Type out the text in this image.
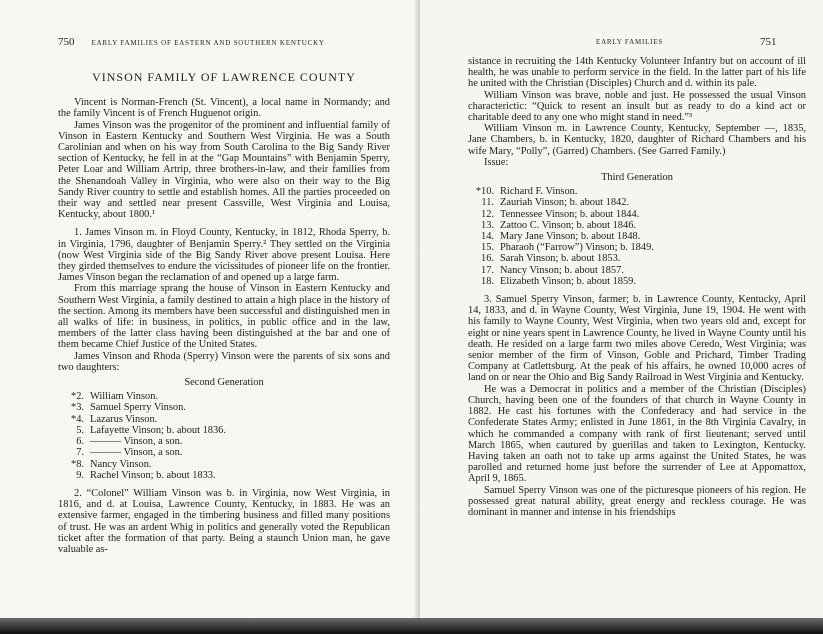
750 EARLY FAMILIES OF EASTERN AND SOUTHERN KENTUCKY
VINSON FAMILY OF LAWRENCE COUNTY

Vincent is Norman-French (St. Vincent), a local name in Normandy; and the family Vincent is of French Huguenot origin.

James Vinson was the progenitor of the prominent and influential family of Vinson in Eastern Kentucky and Southern West Virginia. He was a South Carolinian and when on his way from South Carolina to the Big Sandy River section of Kentucky, he fell in at the “Gap Mountains” with Benjamin Sperry, Peter Loar and William Artrip, three brothers-in-law, and their families from the Shenandoah Valley in Virginia, who were also on their way to the Big Sandy River country to settle and establish homes. All the parties proceeded on their way and settled near present Cassville, West Virginia and Louisa, Kentucky, about 1800.¹

1. James Vinson m. in Floyd County, Kentucky, in 1812, Rhoda Sperry, b. in Virginia, 1796, daughter of Benjamin Sperry.² They settled on the Virginia (now West Virginia side of the Big Sandy River above present Louisa. Here they girded themselves to endure the vicissitudes of pioneer life on the frontier. James Vinson began the reclamation of and opened up a large farm.

From this marriage sprang the house of Vinson in Eastern Kentucky and Southern West Virginia, a family destined to attain a high place in the history of the section. Among its members have been successful and distinguished men in all walks of life: in business, in politics, in public office and in the law, members of the latter class having been distinguished at the bar and one of them became Chief Justice of the United States.

James Vinson and Rhoda (Sperry) Vinson were the parents of six sons and two daughters:

Second Generation
*2. William Vinson.
*3. Samuel Sperry Vinson.
*4. Lazarus Vinson.
5. Lafayette Vinson; b. about 1836.
6. ——— Vinson, a son.
7. ——— Vinson, a son.
*8. Nancy Vinson.
9. Rachel Vinson; b. about 1833.

2. “Colonel” William Vinson was b. in Virginia, now West Virginia, in 1816, and d. at Louisa, Lawrence County, Kentucky, in 1883. He was an extensive farmer, engaged in the timbering business and filled many positions of trust. He was an ardent Whig in politics and generally voted the Republican ticket after the formation of that party. Being a staunch Union man, he gave valuable as-

EARLY FAMILIES	751

sistance in recruiting the 14th Kentucky Volunteer Infantry but on account of ill health, he was unable to perform service in the field. In the latter part of his life he united with the Christian (Disciples) Church and d. within its pale.

William Vinson was brave, noble and just. He possessed the usual Vinson characterictic: “Quick to resent an insult but as ready to do a kind act or charitable deed to any one who might stand in need.”³

William Vinson m. in Lawrence County, Kentucky, September —, 1835, Jane Chambers, b. in Kentucky, 1820, daughter of Richard Chambers and his wife Mary, “Polly”, (Garred) Chambers. (See Garred Family.)

Issue:

Third Generation
*10. Richard F. Vinson.
11. Zauriah Vinson; b. about 1842.
12. Tennessee Vinson; b. about 1844.
13. Zattoo C. Vinson; b. about 1846.
14. Mary Jane Vinson; b. about 1848.
15. Pharaoh (“Farrow”) Vinson; b. 1849.
16. Sarah Vinson; b. about 1853.
17. Nancy Vinson; b. about 1857.
18. Elizabeth Vinson; b. about 1859.

3. Samuel Sperry Vinson, farmer; b. in Lawrence County, Kentucky, April 14, 1833, and d. in Wayne County, West Virginia, June 19, 1904. He went with his family to Wayne County, West Virginia, when two years old and, except for eight or nine years spent in Lawrence County, he lived in Wayne County until his death. He resided on a large farm two miles above Ceredo, West Virginia; was senior member of the firm of Vinson, Goble and Prichard, Timber Trading Company at Catlettsburg. At the peak of his affairs, he owned 10,000 acres of land on or near the Ohio and Big Sandy Railroad in West Virginia and Kentucky.

He was a Democrat in politics and a member of the Christian (Disciples) Church, having been one of the founders of that church in Wayne County in 1882. He cast his fortunes with the Confederacy and had service in the Confederate States Army; enlisted in June 1861, in the 8th Virginia Cavalry, in which he commanded a company with rank of first lieutenant; served until March 1865, when cautured by guerillas and taken to Lexington, Kentucky. Having taken an oath not to take up arms against the United States, he was parolled and returned home just before the surrender of Lee at Appomattox, April 9, 1865.

Samuel Sperry Vinson was one of the picturesque pioneers of his region. He possessed great natural ability, great energy and reckless courage. He was dominant in manner and intense in his friendships
